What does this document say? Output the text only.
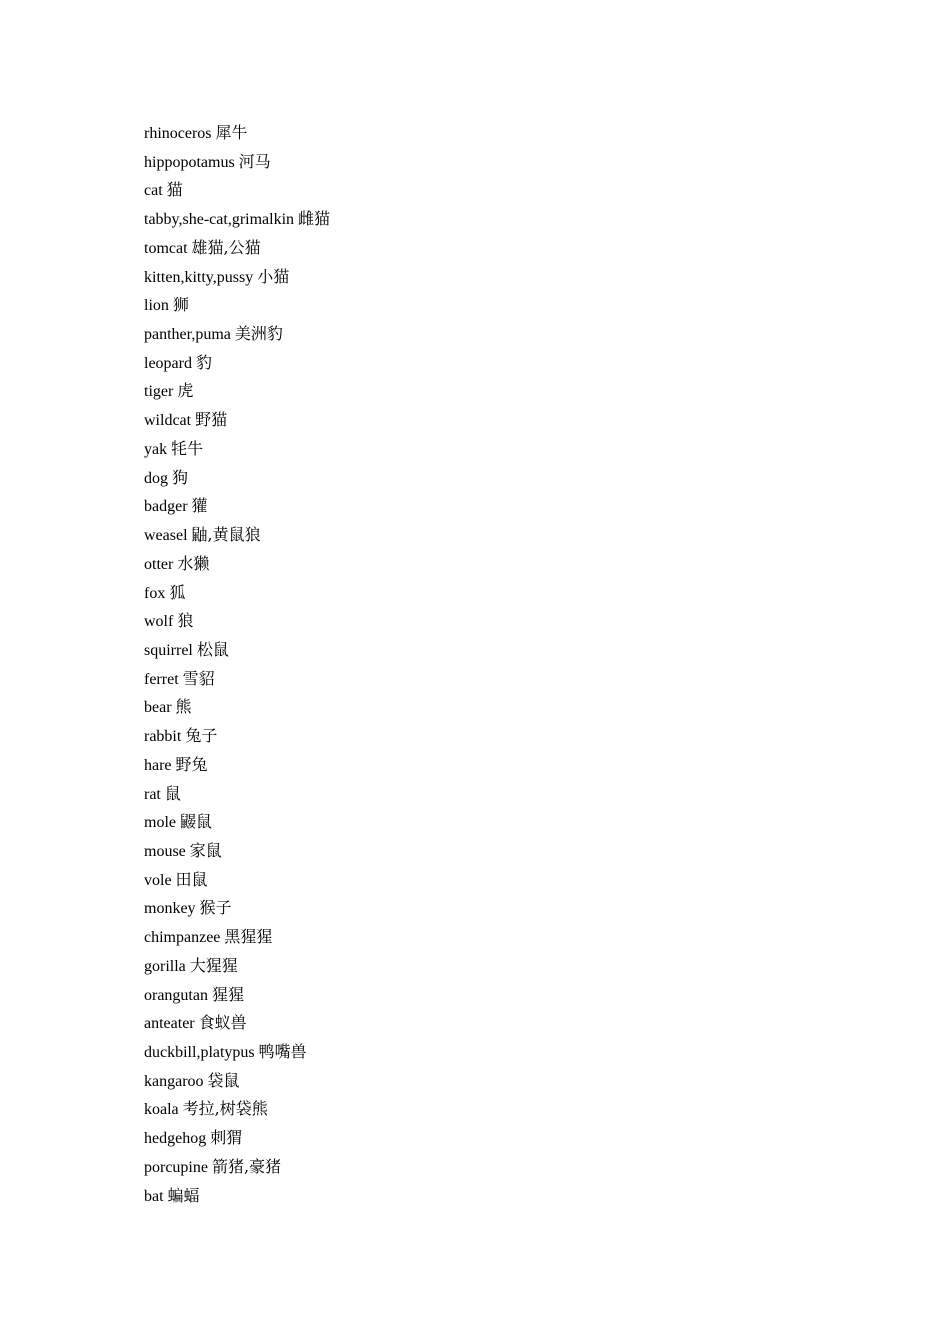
rhinoceros 犀牛
hippopotamus 河马
cat 猫
tabby,she-cat,grimalkin 雌猫
tomcat 雄猫,公猫
kitten,kitty,pussy 小猫
lion 狮
panther,puma 美洲豹
leopard 豹
tiger 虎
wildcat 野猫
yak 牦牛
dog 狗
badger 獾
weasel 鼬,黄鼠狼
otter 水獭
fox 狐
wolf 狼
squirrel 松鼠
ferret 雪貂
bear 熊
rabbit 兔子
hare 野兔
rat 鼠
mole 鼹鼠
mouse 家鼠
vole 田鼠
monkey 猴子
chimpanzee 黑猩猩
gorilla 大猩猩
orangutan 猩猩
anteater 食蚁兽
duckbill,platypus 鸭嘴兽
kangaroo 袋鼠
koala 考拉,树袋熊
hedgehog 刺猬
porcupine 箭猪,豪猪
bat 蝙蝠
